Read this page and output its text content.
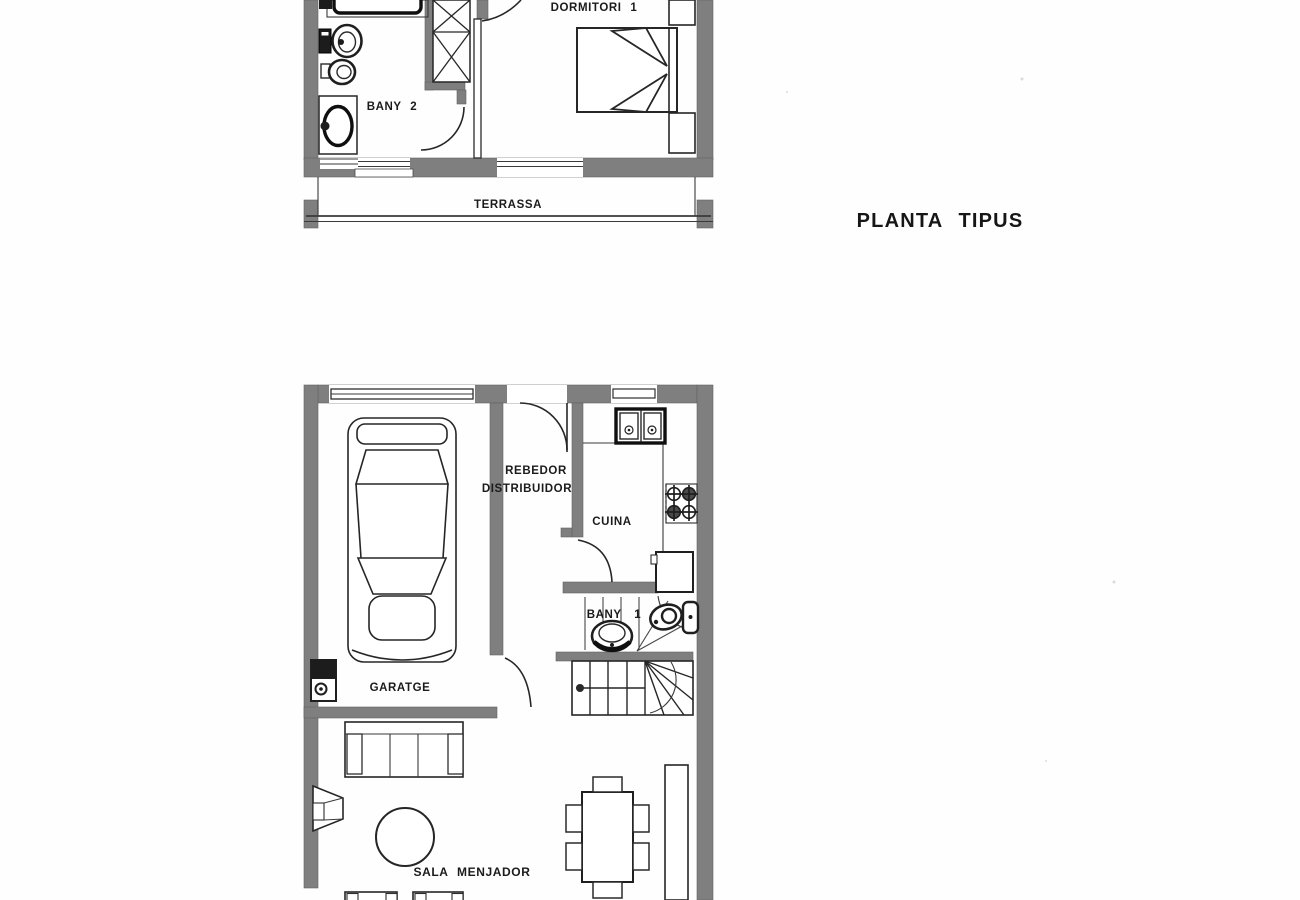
DORMITORI 1
BANY 2
TERRASSA
PLANTA TIPUS
REBEDOR
DISTRIBUIDOR
CUINA
BANY 1
GARATGE
SALA MENJADOR
